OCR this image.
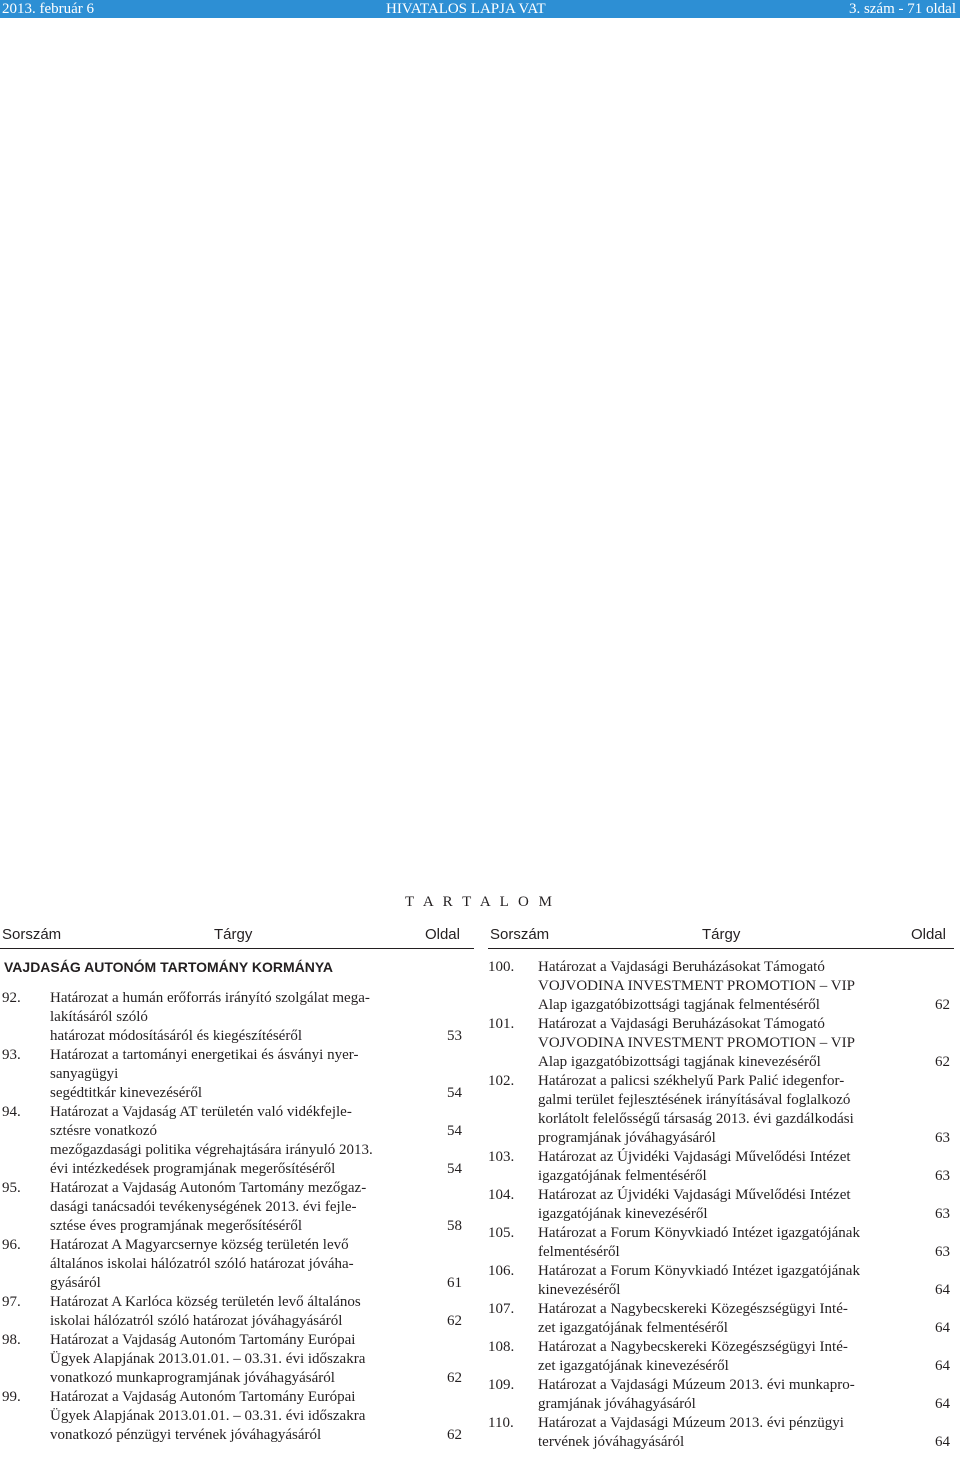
2013. február 6	HIVATALOS LAPJA VAT	3. szám - 71 oldal
T A R T A L O M
Sorszám	Tárgy	Oldal
VAJDASÁG AUTONÓM TARTOMÁNY KORMÁNYA
92. Határozat a humán erőforrás irányító szolgálat mega-
lakításáról szóló
határozat módosításáról és kiegészítéséről	53
93. Határozat a tartományi energetikai és ásványi nyer-
sanyagügyi
segédtitkár kinevezéséről	54
94. Határozat a Vajdaság AT területén való vidékfejle-
sztésre vonatkozó	54
mezőgazdasági politika végrehajtására irányuló 2013.
évi intézkedések programjának megerősítéséről	54
95. Határozat a Vajdaság Autonóm Tartomány mezőgaz-
dasági tanácsadói tevékenységének 2013. évi fejle-
sztése éves programjának megerősítéséről	58
96. Határozat A Magyarcsernye község területén levő
általános iskolai hálózatról szóló határozat jóváha-
gyásáról	61
97. Határozat A Karlóca község területén levő általános
iskolai hálózatról szóló határozat jóváhagyásáról	62
98. Határozat a Vajdaság Autonóm Tartomány Európai
Ügyek Alapjának 2013.01.01. – 03.31. évi időszakra
vonatkozó munkaprogramjának jóváhagyásáról	62
99. Határozat a Vajdaság Autonóm Tartomány Európai
Ügyek Alapjának 2013.01.01. – 03.31. évi időszakra
vonatkozó pénzügyi tervének jóváhagyásáról	62
Sorszám	Tárgy	Oldal
100. Határozat a Vajdasági Beruházásokat Támogató
VOJVODINA INVESTMENT PROMOTION – VIP
Alap igazgatóbizottsági tagjának felmentéséről	62
101. Határozat a Vajdasági Beruházásokat Támogató
VOJVODINA INVESTMENT PROMOTION – VIP
Alap igazgatóbizottsági tagjának kinevezéséről	62
102. Határozat a palicsi székhelyű Park Palić idegenfor-
galmi terület fejlesztésének irányításával foglalkozó
korlátolt felelősségű társaság 2013. évi gazdálkodási
programjának jóváhagyásáról	63
103. Határozat az Újvidéki Vajdasági Művelődési Intézet
igazgatójának felmentéséről	63
104. Határozat az Újvidéki Vajdasági Művelődési Intézet
igazgatójának kinevezéséről	63
105. Határozat a Forum Könyvkiadó Intézet igazgatójának
felmentéséről	63
106. Határozat a Forum Könyvkiadó Intézet igazgatójának
kinevezéséről	64
107. Határozat a Nagybecskereki Közegészségügyi Inté-
zet igazgatójának felmentéséről	64
108. Határozat a Nagybecskereki Közegészségügyi Inté-
zet igazgatójának kinevezéséről	64
109. Határozat a Vajdasági Múzeum 2013. évi munkapro-
gramjának jóváhagyásáról	64
110. Határozat a Vajdasági Múzeum 2013. évi pénzügyi
tervének jóváhagyásáról	64
